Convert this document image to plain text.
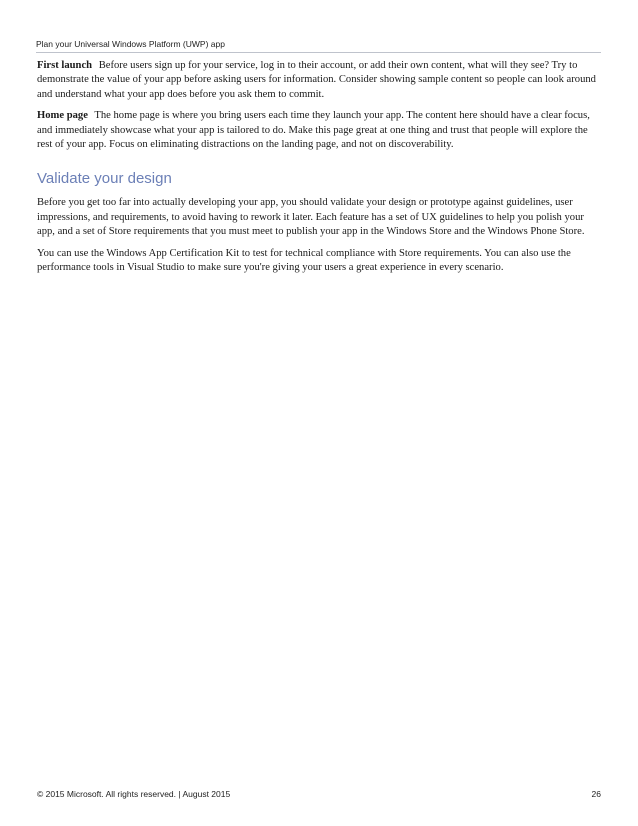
Plan your Universal Windows Platform (UWP) app

First launch Before users sign up for your service, log in to their account, or add their own content, what will they see? Try to demonstrate the value of your app before asking users for information. Consider showing sample content so people can look around and understand what your app does before you ask them to commit.

Home page The home page is where you bring users each time they launch your app. The content here should have a clear focus, and immediately showcase what your app is tailored to do. Make this page great at one thing and trust that people will explore the rest of your app. Focus on eliminating distractions on the landing page, and not on discoverability.

Validate your design

Before you get too far into actually developing your app, you should validate your design or prototype against guidelines, user impressions, and requirements, to avoid having to rework it later. Each feature has a set of UX guidelines to help you polish your app, and a set of Store requirements that you must meet to publish your app in the Windows Store and the Windows Phone Store.

You can use the Windows App Certification Kit to test for technical compliance with Store requirements. You can also use the performance tools in Visual Studio to make sure you're giving your users a great experience in every scenario.

© 2015 Microsoft. All rights reserved. | August 2015	26
